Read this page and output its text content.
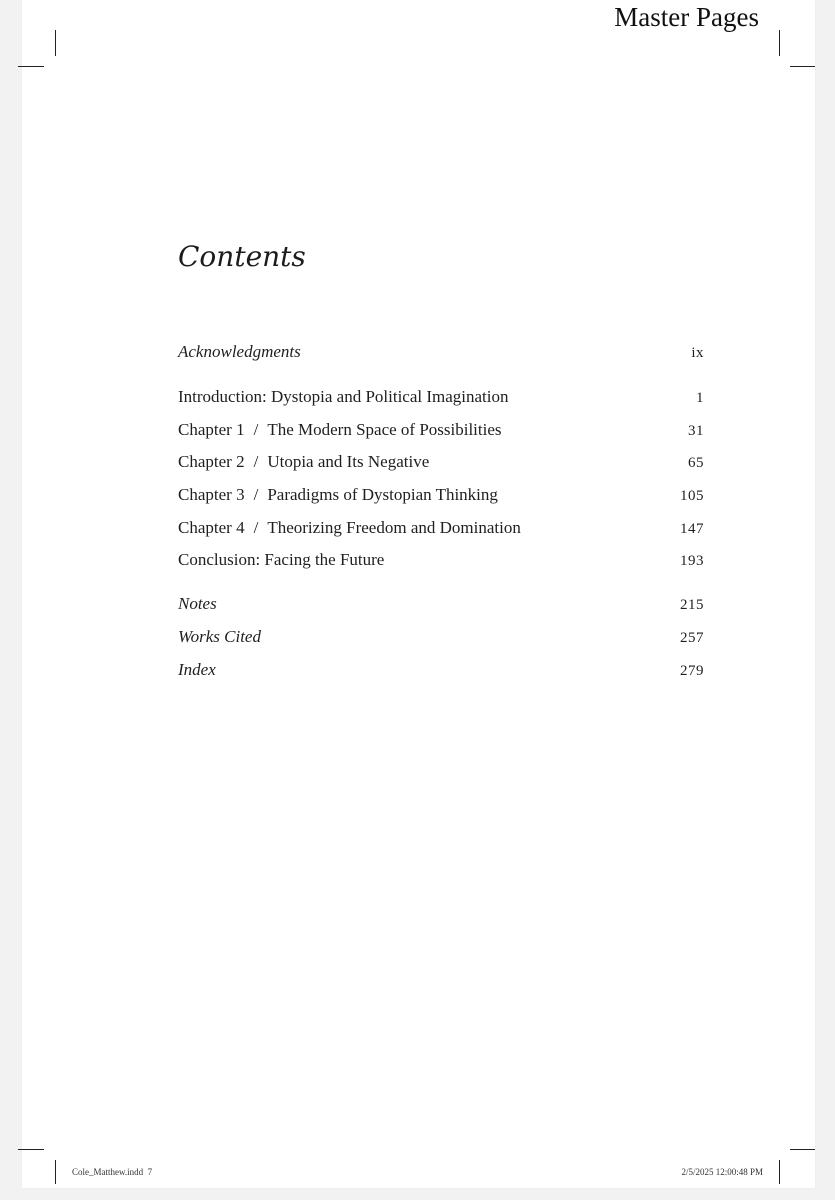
Master Pages
Contents
Acknowledgments	ix
Introduction: Dystopia and Political Imagination	1
Chapter 1 / The Modern Space of Possibilities	31
Chapter 2 / Utopia and Its Negative	65
Chapter 3 / Paradigms of Dystopian Thinking	105
Chapter 4 / Theorizing Freedom and Domination	147
Conclusion: Facing the Future	193
Notes	215
Works Cited	257
Index	279
Cole_Matthew.indd 7	2/5/2025 12:00:48 PM
